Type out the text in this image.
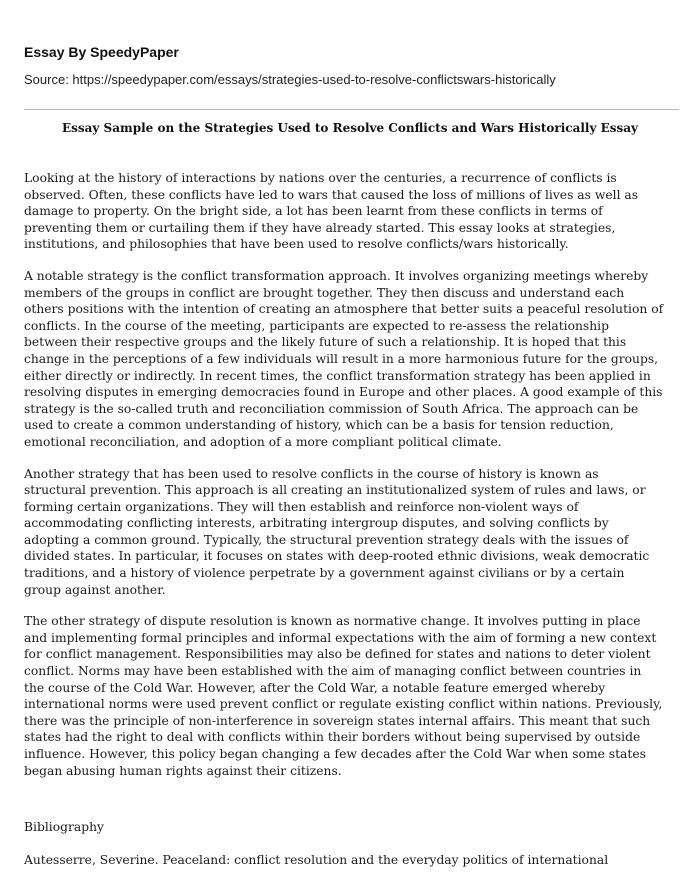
Essay By SpeedyPaper
Source: https://speedypaper.com/essays/strategies-used-to-resolve-conflictswars-historically
Essay Sample on the Strategies Used to Resolve Conflicts and Wars Historically Essay

Looking at the history of interactions by nations over the centuries, a recurrence of conflicts is observed. Often, these conflicts have led to wars that caused the loss of millions of lives as well as damage to property. On the bright side, a lot has been learnt from these conflicts in terms of preventing them or curtailing them if they have already started. This essay looks at strategies, institutions, and philosophies that have been used to resolve conflicts/wars historically.

A notable strategy is the conflict transformation approach. It involves organizing meetings whereby members of the groups in conflict are brought together. They then discuss and understand each others positions with the intention of creating an atmosphere that better suits a peaceful resolution of conflicts. In the course of the meeting, participants are expected to re-assess the relationship between their respective groups and the likely future of such a relationship. It is hoped that this change in the perceptions of a few individuals will result in a more harmonious future for the groups, either directly or indirectly. In recent times, the conflict transformation strategy has been applied in resolving disputes in emerging democracies found in Europe and other places. A good example of this strategy is the so-called truth and reconciliation commission of South Africa. The approach can be used to create a common understanding of history, which can be a basis for tension reduction, emotional reconciliation, and adoption of a more compliant political climate.

Another strategy that has been used to resolve conflicts in the course of history is known as structural prevention. This approach is all creating an institutionalized system of rules and laws, or forming certain organizations. They will then establish and reinforce non-violent ways of accommodating conflicting interests, arbitrating intergroup disputes, and solving conflicts by adopting a common ground. Typically, the structural prevention strategy deals with the issues of divided states. In particular, it focuses on states with deep-rooted ethnic divisions, weak democratic traditions, and a history of violence perpetrate by a government against civilians or by a certain group against another.

The other strategy of dispute resolution is known as normative change. It involves putting in place and implementing formal principles and informal expectations with the aim of forming a new context for conflict management. Responsibilities may also be defined for states and nations to deter violent conflict. Norms may have been established with the aim of managing conflict between countries in the course of the Cold War. However, after the Cold War, a notable feature emerged whereby international norms were used prevent conflict or regulate existing conflict within nations. Previously, there was the principle of non-interference in sovereign states internal affairs. This meant that such states had the right to deal with conflicts within their borders without being supervised by outside influence. However, this policy began changing a few decades after the Cold War when some states began abusing human rights against their citizens.

Bibliography

Autesserre, Severine. Peaceland: conflict resolution and the everyday politics of international
